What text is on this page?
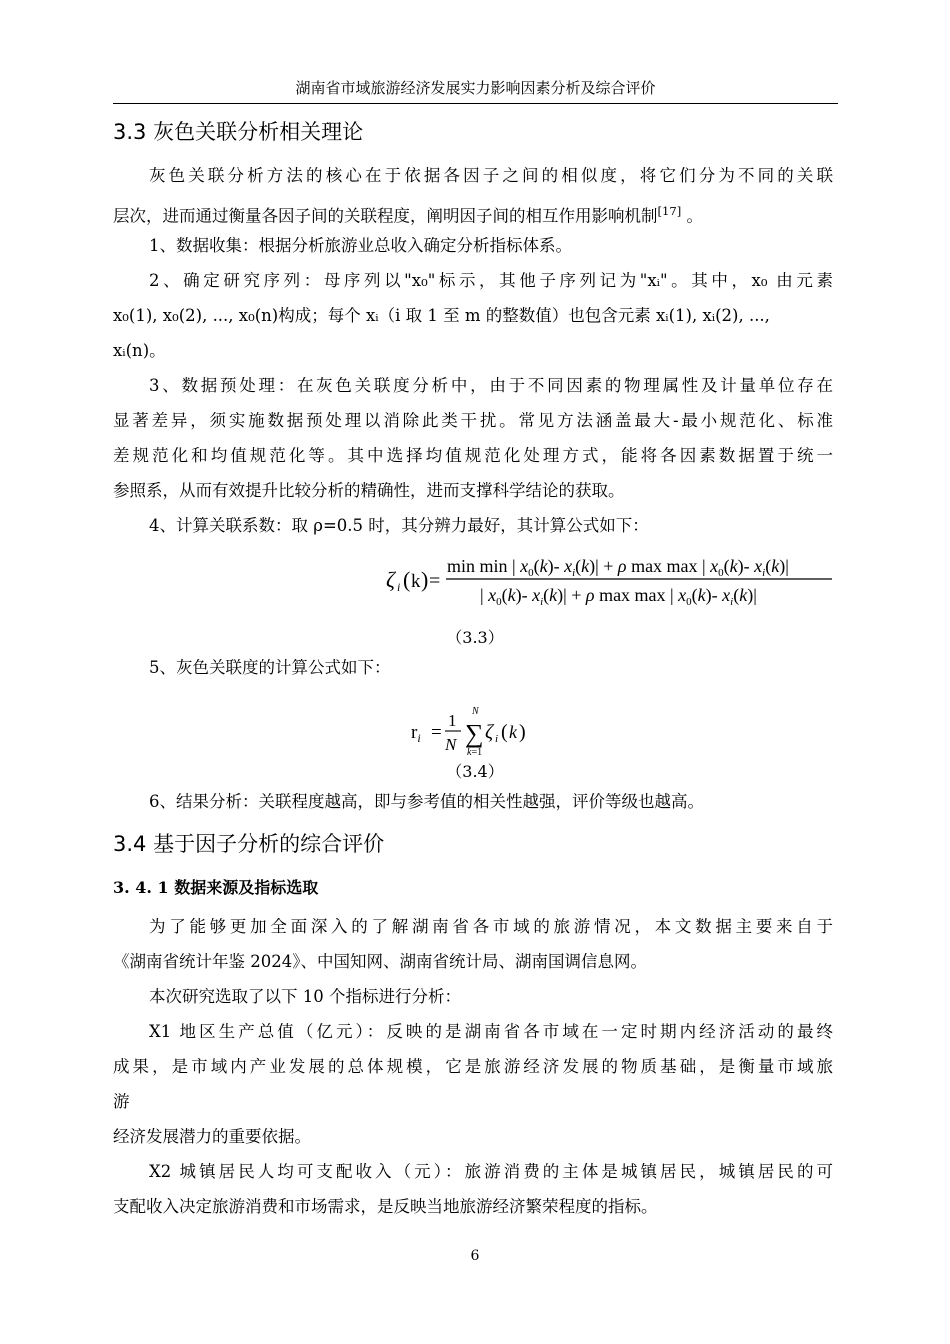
湖南省市域旅游经济发展实力影响因素分析及综合评价
3.3 灰色关联分析相关理论
灰色关联分析方法的核心在于依据各因子之间的相似度，将它们分为不同的关联
层次，进而通过衡量各因子间的关联程度，阐明因子间的相互作用影响机制[17] 。
1、数据收集：根据分析旅游业总收入确定分析指标体系。
2、确定研究序列：母序列以"x₀"标示，其他子序列记为"xᵢ"。其中，x₀ 由元素
x₀(1), x₀(2), ..., x₀(n)构成；每个 xᵢ（i 取 1 至 m 的整数值）也包含元素 xᵢ(1), xᵢ(2), ...,
xᵢ(n)。
3、数据预处理：在灰色关联度分析中，由于不同因素的物理属性及计量单位存在
显著差异，须实施数据预处理以消除此类干扰。常见方法涵盖最大-最小规范化、标准
差规范化和均值规范化等。其中选择均值规范化处理方式，能将各因素数据置于统一
参照系，从而有效提升比较分析的精确性，进而支撑科学结论的获取。
4、计算关联系数：取 ρ=0.5 时，其分辨力最好，其计算公式如下：
ζ i ( k ) =
min min | $x_0(k)-$ $x_i(k)| + \rho$ max max | $x_0(k)-$ $x_i(k)|$
| $x_0(k)-$ $x_i(k)| + \rho$ max max | $x_0(k)-$ $x_i(k)|$
（3.3）
5、灰色关联度的计算公式如下：
$r_i$ =
1
N ∑
N
k=1
ζ i ( k )
（3.4）
6、结果分析：关联程度越高，即与参考值的相关性越强，评价等级也越高。
3.4 基于因子分析的综合评价
3. 4. 1 数据来源及指标选取
为了能够更加全面深入的了解湖南省各市域的旅游情况，本文数据主要来自于
《湖南省统计年鉴 2024》、中国知网、湖南省统计局、湖南国调信息网。
本次研究选取了以下 10 个指标进行分析：
X1 地区生产总值（亿元）：反映的是湖南省各市域在一定时期内经济活动的最终
成果，是市域内产业发展的总体规模，它是旅游经济发展的物质基础，是衡量市域旅
游
经济发展潜力的重要依据。
X2 城镇居民人均可支配收入（元）：旅游消费的主体是城镇居民，城镇居民的可
支配收入决定旅游消费和市场需求，是反映当地旅游经济繁荣程度的指标。
6
